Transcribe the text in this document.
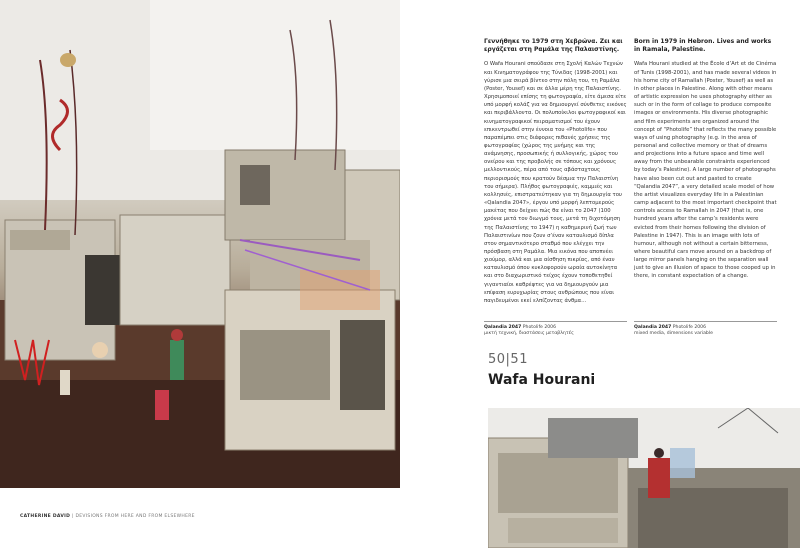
CATHERINE DAVID | DEVISIONS FROM HERE AND FROM ELSEWHERE

Γεννήθηκε το 1979 στη Χεβρώνα. Ζει και εργάζεται στη Ραμάλα της Παλαιστίνης.

Ο Wafa Hourani σπούδασε στη Σχολή Καλών Τεχνών και Κινηματογράφου της Τύνιδας (1998-2001) και γύρισε μια σειρά βίντεο στην πόλη του, τη Ραμάλα (Poster, Yousef) και σε άλλα μέρη της Παλαιστίνης. Χρησιμοποιεί επίσης τη φωτογραφία, είτε άμεσα είτε υπό μορφή κολάζ για να δημιουργεί σύνθετες εικόνες και περιβάλλοντα. Οι πολυποίκιλοι φωτογραφικοί και κινηματογραφικοί πειραματισμοί του έχουν επικεντρωθεί στην έννοια του «Photolife» που παραπέμπει στις διάφορες πιθανές χρήσεις της φωτογραφίας (χώρος της μνήμης και της ανάμνησης, προσωπικής ή συλλογικής, χώρος του ονείρου και της προβολής σε τόπους και χρόνους μελλοντικούς, πέρα από τους αβάσταχτους περιορισμούς που κρατούν δέσμια την Παλαιστίνη του σήμερα). Πλήθος φωτογραφιές, καμμιές και κολλησιές, επιστρατεύτηκαν για τη δημιουργία του «Qalandia 2047», έργου υπό μορφή λεπτομερούς μακέτας που δείχνει πώς θα είναι το 2047 (100 χρόνια μετά τον διωγμό τους, μετά τη διχοτόμηση της Παλαιστίνης το 1947) η καθημερινή ζωή των Παλαιστινίων που ζουν σ’έναν καταυλισμό δίπλα στον σημαντικότερο σταθμό που ελέγχει την πρόσβαση στη Ραμάλα. Μια εικόνα που αποπνέει χιούμορ, αλλά και μια αίσθηση πικρίας, από έναν καταυλισμό όπου κυκλοφορούν ωραία αυτοκίνητα και στο διαχωριστικό τείχος έχουν τοποθετηθεί γιγαντιαίοι καθρέφτες για να δημιουργούν μια επίφαση ευρυχωρίας στους ανθρώπους που είναι παγιδευμένοι εκεί ελπίζοντας άνθμα…

Born in 1979 in Hebron. Lives and works in Ramala, Palestine.

Wafa Hourani studied at the École d’Art et de Cinéma of Tunis (1998-2001), and has made several videos in his home city of Ramallah (Poster, Yousef) as well as in other places in Palestine. Along with other means of artistic expression he uses photography either as such or in the form of collage to produce composite images or environments. His diverse photographic and film experiments are organized around the concept of “Photolife” that reflects the many possible ways of using photography (e.g. in the area of personal and collective memory or that of dreams and projections into a future space and time well away from the unbearable constraints experienced by today’s Palestine). A large number of photographs have also been cut out and pasted to create “Qalandia 2047”, a very detailed scale model of how the artist visualizes everyday life in a Palestinian camp adjacent to the most important checkpoint that controls access to Ramallah in 2047 (that is, one hundred years after the camp’s residents were evicted from their homes following the division of Palestine in 1947). This is an image with lots of humour, although not without a certain bitterness, where beautiful cars move around on a backdrop of large mirror panels hanging on the separation wall just to give an illusion of space to those cooped up in there, in constant expectation of a change.

Qalandia 2047 Photolife 2006
μικτή τεχνική, διαστάσεις μεταβλητές
Qalandia 2047 Photolife 2006
mixed media, dimensions variable
50|51
Wafa Hourani
